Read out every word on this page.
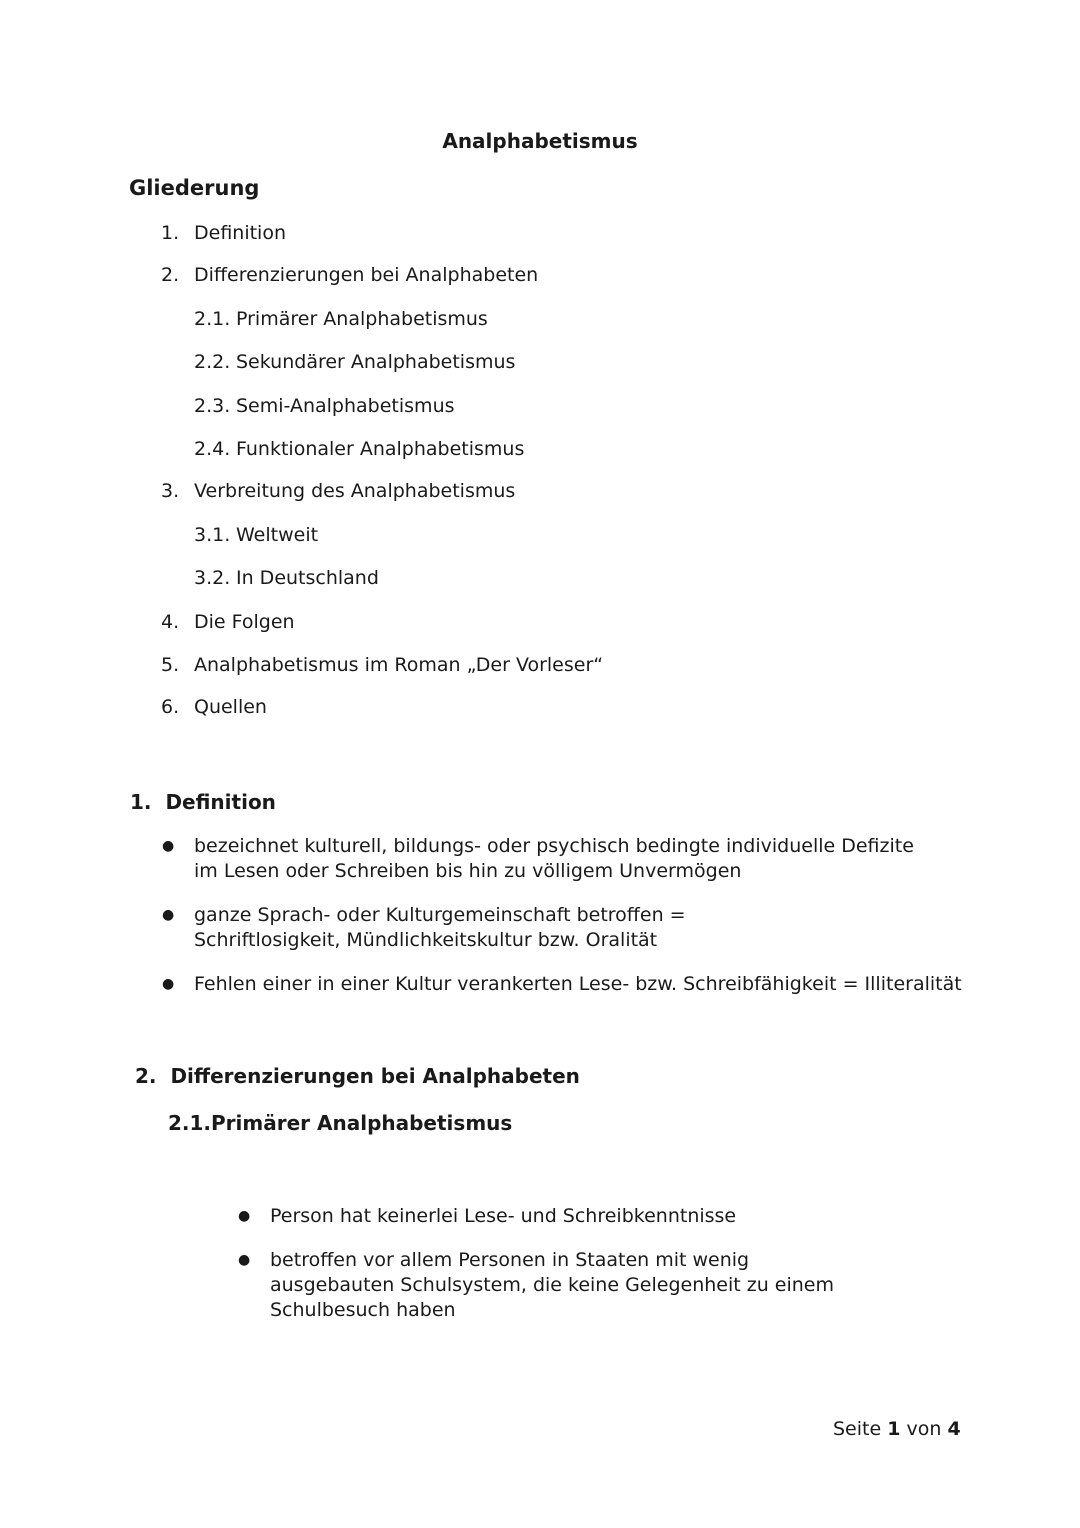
Analphabetismus
Gliederung
1. Definition
2. Differenzierungen bei Analphabeten
2.1. Primärer Analphabetismus
2.2. Sekundärer Analphabetismus
2.3. Semi-Analphabetismus
2.4. Funktionaler Analphabetismus
3. Verbreitung des Analphabetismus
3.1. Weltweit
3.2. In Deutschland
4. Die Folgen
5. Analphabetismus im Roman „Der Vorleser“
6. Quellen
1.  Definition
● bezeichnet kulturell, bildungs- oder psychisch bedingte individuelle Defizite im Lesen oder Schreiben bis hin zu völligem Unvermögen
● ganze Sprach- oder Kulturgemeinschaft betroffen = Schriftlosigkeit, Mündlichkeitskultur bzw. Oralität
● Fehlen einer in einer Kultur verankerten Lese- bzw. Schreibfähigkeit = Illiteralität
2.  Differenzierungen bei Analphabeten
2.1.Primärer Analphabetismus
● Person hat keinerlei Lese- und Schreibkenntnisse
● betroffen vor allem Personen in Staaten mit wenig ausgebauten Schulsystem, die keine Gelegenheit zu einem Schulbesuch haben
Seite 1 von 4
